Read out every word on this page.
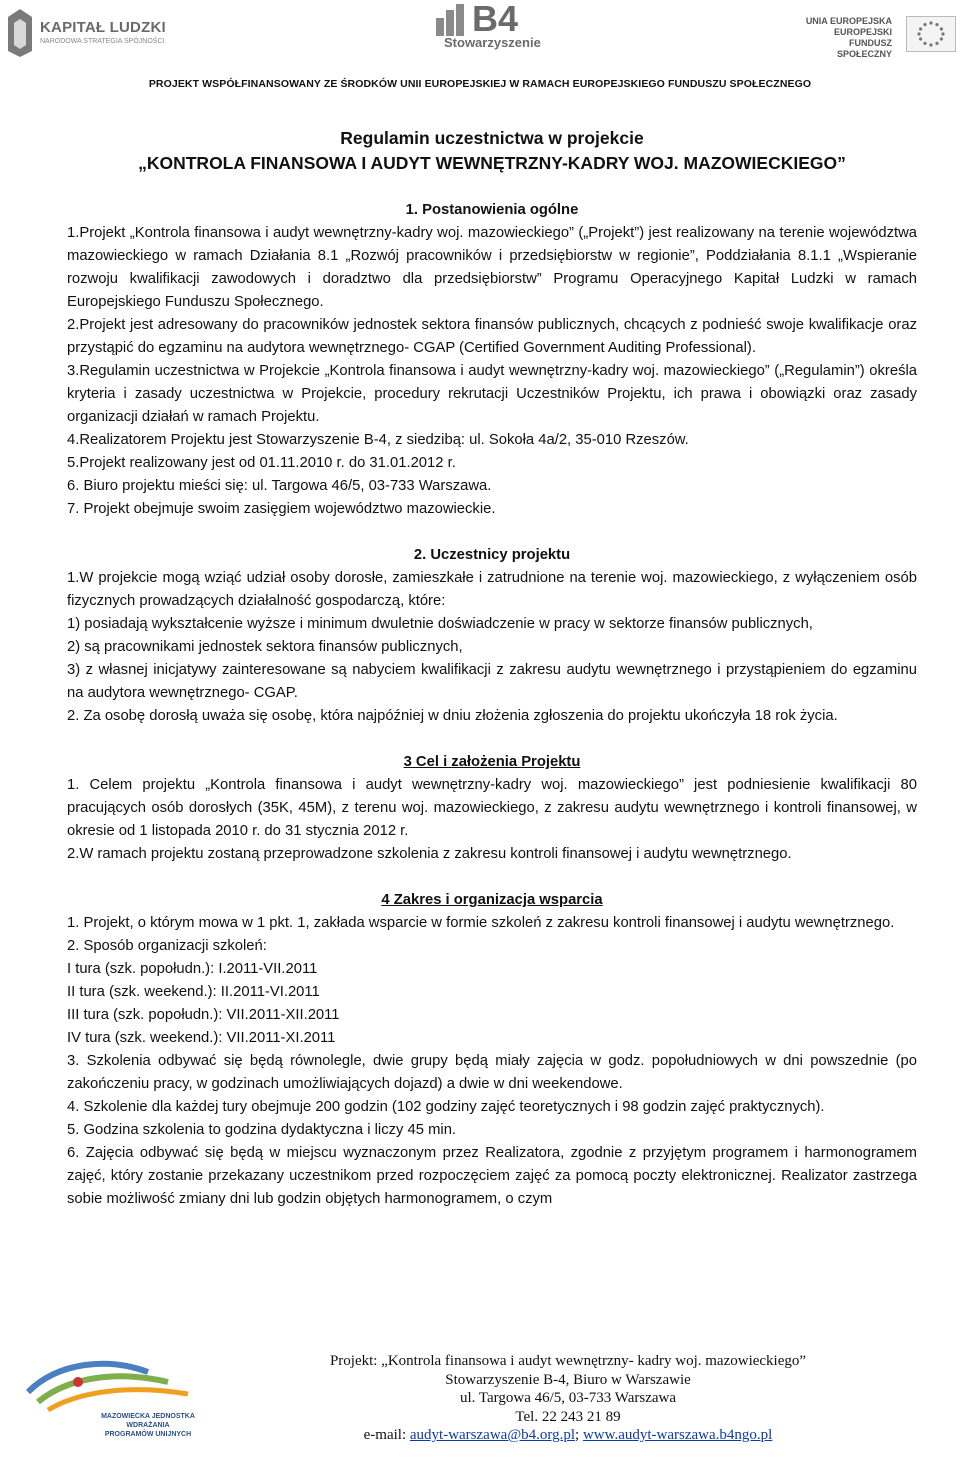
KAPITAŁ LUDZKI
NARODOWA STRATEGIA SPÓJNOŚCI
B4
Stowarzyszenie
UNIA EUROPEJSKA
EUROPEJSKI
FUNDUSZ SPOŁECZNY
PROJEKT WSPÓŁFINANSOWANY ZE ŚRODKÓW UNII EUROPEJSKIEJ W RAMACH EUROPEJSKIEGO FUNDUSZU SPOŁECZNEGO
Regulamin uczestnictwa w projekcie
„KONTROLA FINANSOWA I AUDYT WEWNĘTRZNY-KADRY WOJ. MAZOWIECKIEGO”

1. Postanowienia ogólne

1.Projekt „Kontrola finansowa i audyt wewnętrzny-kadry woj. mazowieckiego” („Projekt”) jest realizowany na terenie województwa mazowieckiego w ramach Działania 8.1 „Rozwój pracowników i przedsiębiorstw w regionie”, Poddziałania 8.1.1 „Wspieranie rozwoju kwalifikacji zawodowych i doradztwo dla przedsiębiorstw” Programu Operacyjnego Kapitał Ludzki w ramach Europejskiego Funduszu Społecznego.

2.Projekt jest adresowany do pracowników jednostek sektora finansów publicznych, chcących z podnieść swoje kwalifikacje oraz przystąpić do egzaminu na audytora wewnętrznego- CGAP (Certified Government Auditing Professional).

3.Regulamin uczestnictwa w Projekcie „Kontrola finansowa i audyt wewnętrzny-kadry woj. mazowieckiego” („Regulamin”) określa kryteria i zasady uczestnictwa w Projekcie, procedury rekrutacji Uczestników Projektu, ich prawa i obowiązki oraz zasady organizacji działań w ramach Projektu.

4.Realizatorem Projektu jest Stowarzyszenie B-4, z siedzibą: ul. Sokoła 4a/2, 35-010 Rzeszów.

5.Projekt realizowany jest od 01.11.2010 r. do 31.01.2012 r.

6. Biuro projektu mieści się: ul. Targowa 46/5, 03-733 Warszawa.

7. Projekt obejmuje swoim zasięgiem województwo mazowieckie.

2. Uczestnicy projektu

1.W projekcie mogą wziąć udział osoby dorosłe, zamieszkałe i zatrudnione na terenie woj. mazowieckiego, z wyłączeniem osób fizycznych prowadzących działalność gospodarczą, które:

1) posiadają wykształcenie wyższe i minimum dwuletnie doświadczenie w pracy w sektorze finansów publicznych,

2) są pracownikami jednostek sektora finansów publicznych,

3) z własnej inicjatywy zainteresowane są nabyciem kwalifikacji z zakresu audytu wewnętrznego i przystąpieniem do egzaminu na audytora wewnętrznego- CGAP.

2. Za osobę dorosłą uważa się osobę, która najpóźniej w dniu złożenia zgłoszenia do projektu ukończyła 18 rok życia.

3 Cel i założenia Projektu

1. Celem projektu „Kontrola finansowa i audyt wewnętrzny-kadry woj. mazowieckiego” jest podniesienie kwalifikacji 80 pracujących osób dorosłych (35K, 45M), z terenu woj. mazowieckiego, z zakresu audytu wewnętrznego i kontroli finansowej, w okresie od 1 listopada 2010 r. do 31 stycznia 2012 r.

2.W ramach projektu zostaną przeprowadzone szkolenia z zakresu kontroli finansowej i audytu wewnętrznego.

4 Zakres i organizacja wsparcia

1. Projekt, o którym mowa w 1 pkt. 1, zakłada wsparcie w formie szkoleń z zakresu kontroli finansowej i audytu wewnętrznego.

2. Sposób organizacji szkoleń:

I tura (szk. popołudn.): I.2011-VII.2011

II tura (szk. weekend.): II.2011-VI.2011

III tura (szk. popołudn.): VII.2011-XII.2011

IV tura (szk. weekend.): VII.2011-XI.2011

3. Szkolenia odbywać się będą równolegle, dwie grupy będą miały zajęcia w godz. popołudniowych w dni powszednie (po zakończeniu pracy, w godzinach umożliwiających dojazd) a dwie w dni weekendowe.

4. Szkolenie dla każdej tury obejmuje 200 godzin (102 godziny zajęć teoretycznych i 98 godzin zajęć praktycznych).

5. Godzina szkolenia to godzina dydaktyczna i liczy 45 min.

6. Zajęcia odbywać się będą w miejscu wyznaczonym przez Realizatora, zgodnie z przyjętym programem i harmonogramem zajęć, który zostanie przekazany uczestnikom przed rozpoczęciem zajęć za pomocą poczty elektronicznej. Realizator zastrzega sobie możliwość zmiany dni lub godzin objętych harmonogramem, o czym

MAZOWIECKA JEDNOSTKA
WDRAŻANIA
PROGRAMÓW UNIJNYCH
Projekt: „Kontrola finansowa i audyt wewnętrzny- kadry woj. mazowieckiego”
Stowarzyszenie B-4, Biuro w Warszawie
ul. Targowa 46/5, 03-733 Warszawa
Tel. 22 243 21 89
e-mail: audyt-warszawa@b4.org.pl; www.audyt-warszawa.b4ngo.pl
